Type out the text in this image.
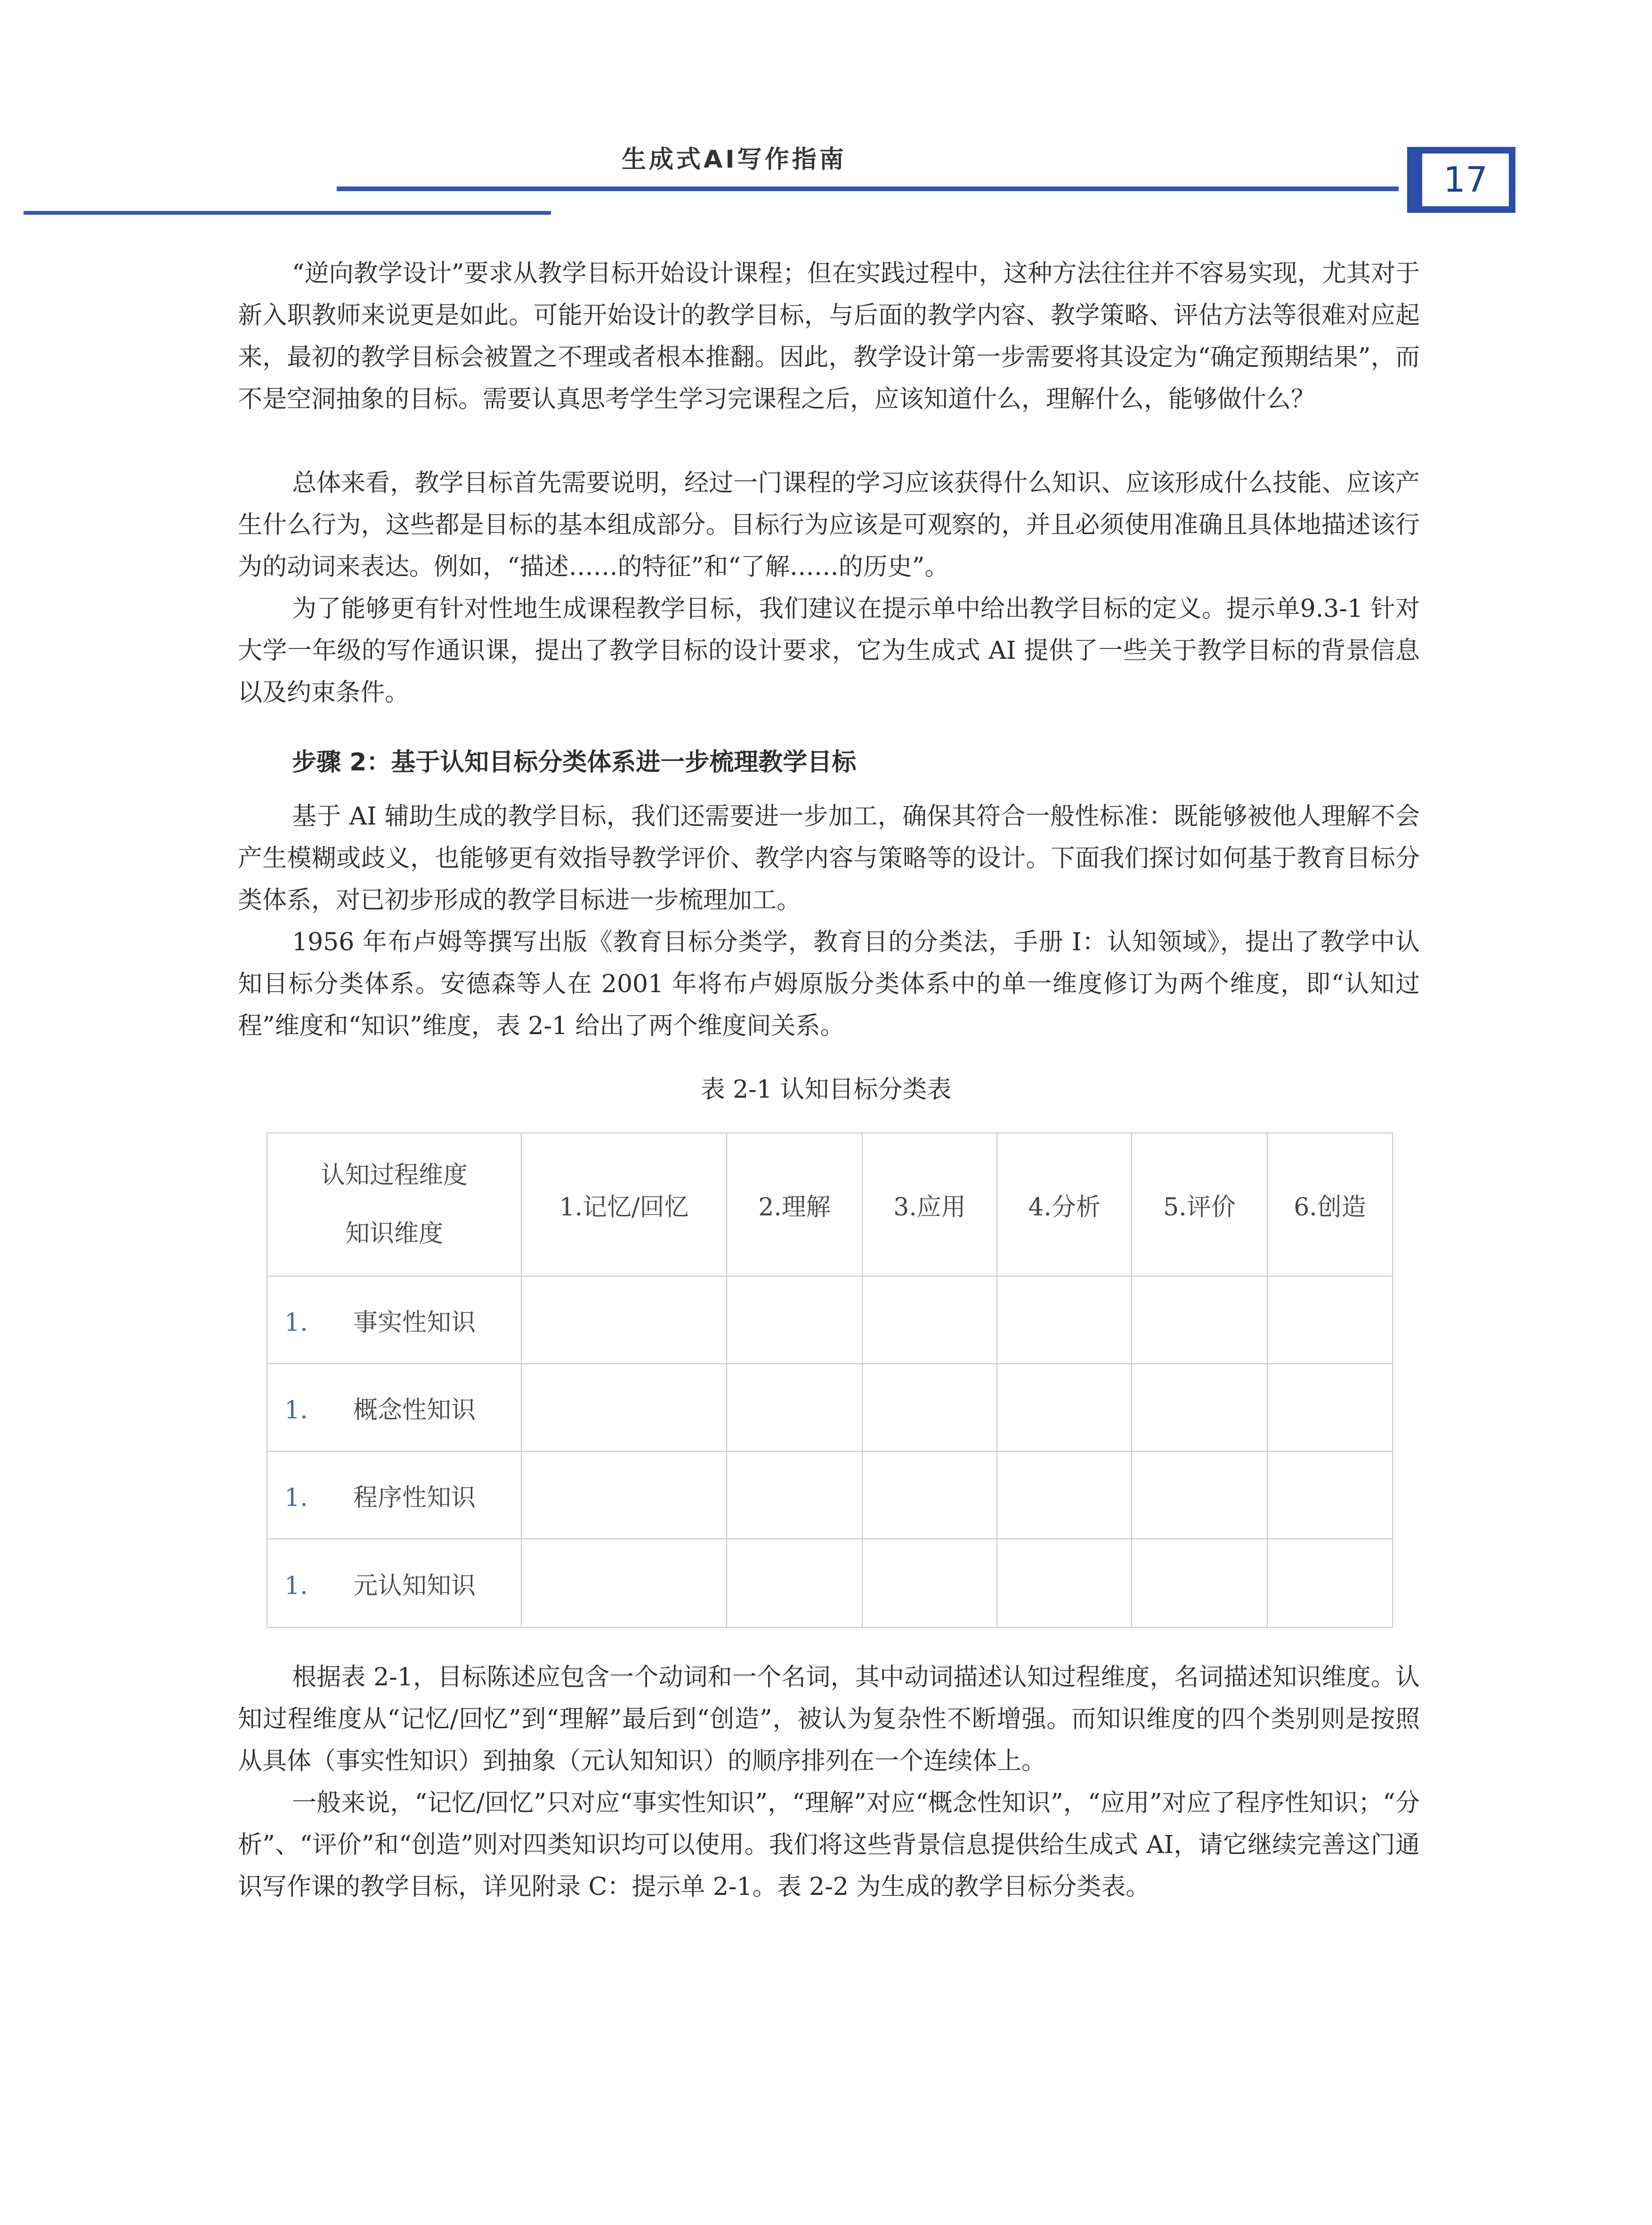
生成式AI写作指南	17

“逆向教学设计”要求从教学目标开始设计课程；但在实践过程中，这种方法往往并不容易实现，尤其对于新入职教师来说更是如此。可能开始设计的教学目标，与后面的教学内容、教学策略、评估方法等很难对应起来，最初的教学目标会被置之不理或者根本推翻。因此，教学设计第一步需要将其设定为“确定预期结果”，而不是空洞抽象的目标。需要认真思考学生学习完课程之后，应该知道什么，理解什么，能够做什么？

总体来看，教学目标首先需要说明，经过一门课程的学习应该获得什么知识、应该形成什么技能、应该产生什么行为，这些都是目标的基本组成部分。目标行为应该是可观察的，并且必须使用准确且具体地描述该行为的动词来表达。例如，“描述……的特征”和“了解……的历史”。

为了能够更有针对性地生成课程教学目标，我们建议在提示单中给出教学目标的定义。提示单9.3-1 针对大学一年级的写作通识课，提出了教学目标的设计要求，它为生成式 AI 提供了一些关于教学目标的背景信息以及约束条件。

步骤 2：基于认知目标分类体系进一步梳理教学目标

基于 AI 辅助生成的教学目标，我们还需要进一步加工，确保其符合一般性标准：既能够被他人理解不会产生模糊或歧义，也能够更有效指导教学评价、教学内容与策略等的设计。下面我们探讨如何基于教育目标分类体系，对已初步形成的教学目标进一步梳理加工。

1956 年布卢姆等撰写出版《教育目标分类学，教育目的分类法，手册 I：认知领域》，提出了教学中认知目标分类体系。安德森等人在 2001 年将布卢姆原版分类体系中的单一维度修订为两个维度，即“认知过程”维度和“知识”维度，表 2-1 给出了两个维度间关系。

表 2-1 认知目标分类表

认知过程维度
知识维度	1.记忆/回忆	2.理解	3.应用	4.分析	5.评价	6.创造
1. 事实性知识						
1. 概念性知识						
1. 程序性知识						
1. 元认知知识						

根据表 2-1，目标陈述应包含一个动词和一个名词，其中动词描述认知过程维度，名词描述知识维度。认知过程维度从“记忆/回忆”到“理解”最后到“创造”，被认为复杂性不断增强。而知识维度的四个类别则是按照从具体（事实性知识）到抽象（元认知知识）的顺序排列在一个连续体上。

一般来说，“记忆/回忆”只对应“事实性知识”，“理解”对应“概念性知识”，“应用”对应了程序性知识；“分析”、“评价”和“创造”则对四类知识均可以使用。我们将这些背景信息提供给生成式 AI，请它继续完善这门通识写作课的教学目标，详见附录 C：提示单 2-1。表 2-2 为生成的教学目标分类表。
